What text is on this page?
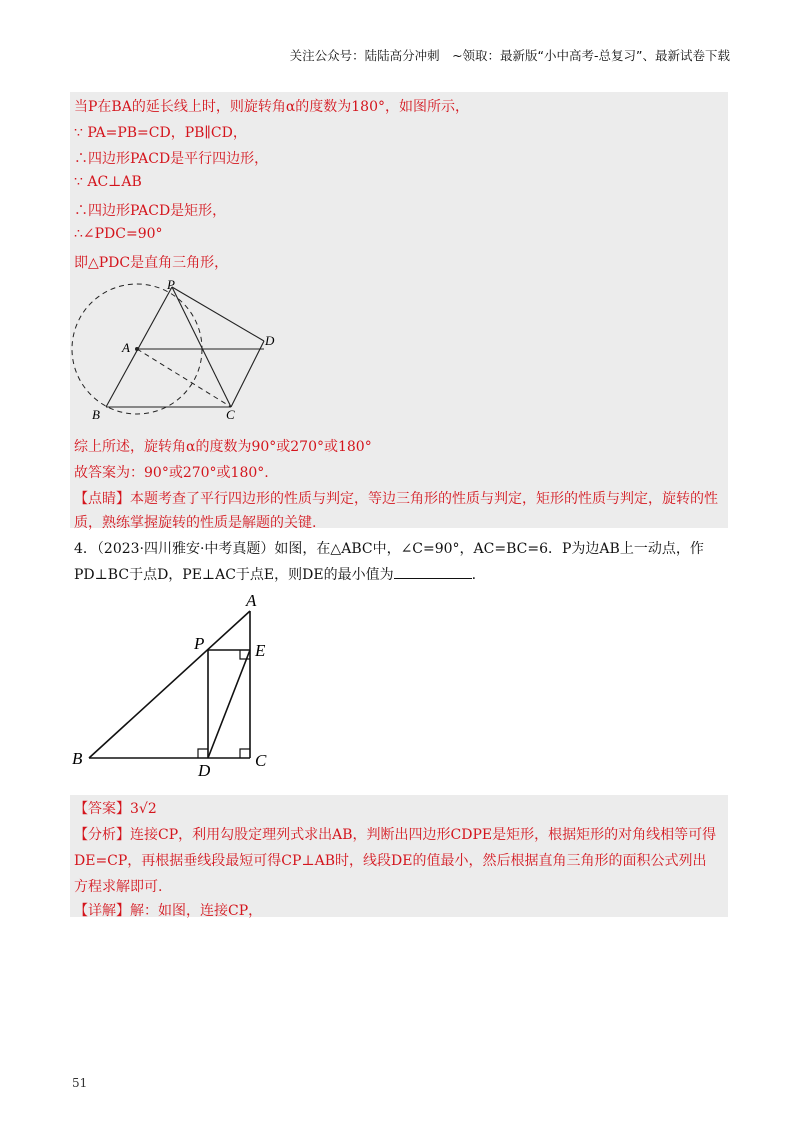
关注公众号：陆陆高分冲刺　~领取：最新版“小中高考-总复习”、最新试卷下载
当P在BA的延长线上时，则旋转角α的度数为180°，如图所示，
∵ PA=PB=CD，PB∥CD，
∴四边形PACD是平行四边形，
∵ AC⊥AB
∴四边形PACD是矩形，
∴∠PDC=90°
即△PDC是直角三角形，
P
A	D
B	C
综上所述，旋转角α的度数为90°或270°或180°
故答案为：90°或270°或180°.
【点睛】本题考查了平行四边形的性质与判定，等边三角形的性质与判定，矩形的性质与判定，旋转的性
质，熟练掌握旋转的性质是解题的关键.
4．（2023·四川雅安·中考真题）如图，在△ABC中，∠C=90°，AC=BC=6．P为边AB上一动点，作
PD⊥BC于点D，PE⊥AC于点E，则DE的最小值为	.
A
P	E
B
D
C
【答案】3√2
【分析】连接CP，利用勾股定理列式求出AB，判断出四边形CDPE是矩形，根据矩形的对角线相等可得
DE=CP，再根据垂线段最短可得CP⊥AB时，线段DE的值最小，然后根据直角三角形的面积公式列出
方程求解即可.
【详解】解：如图，连接CP，
51
